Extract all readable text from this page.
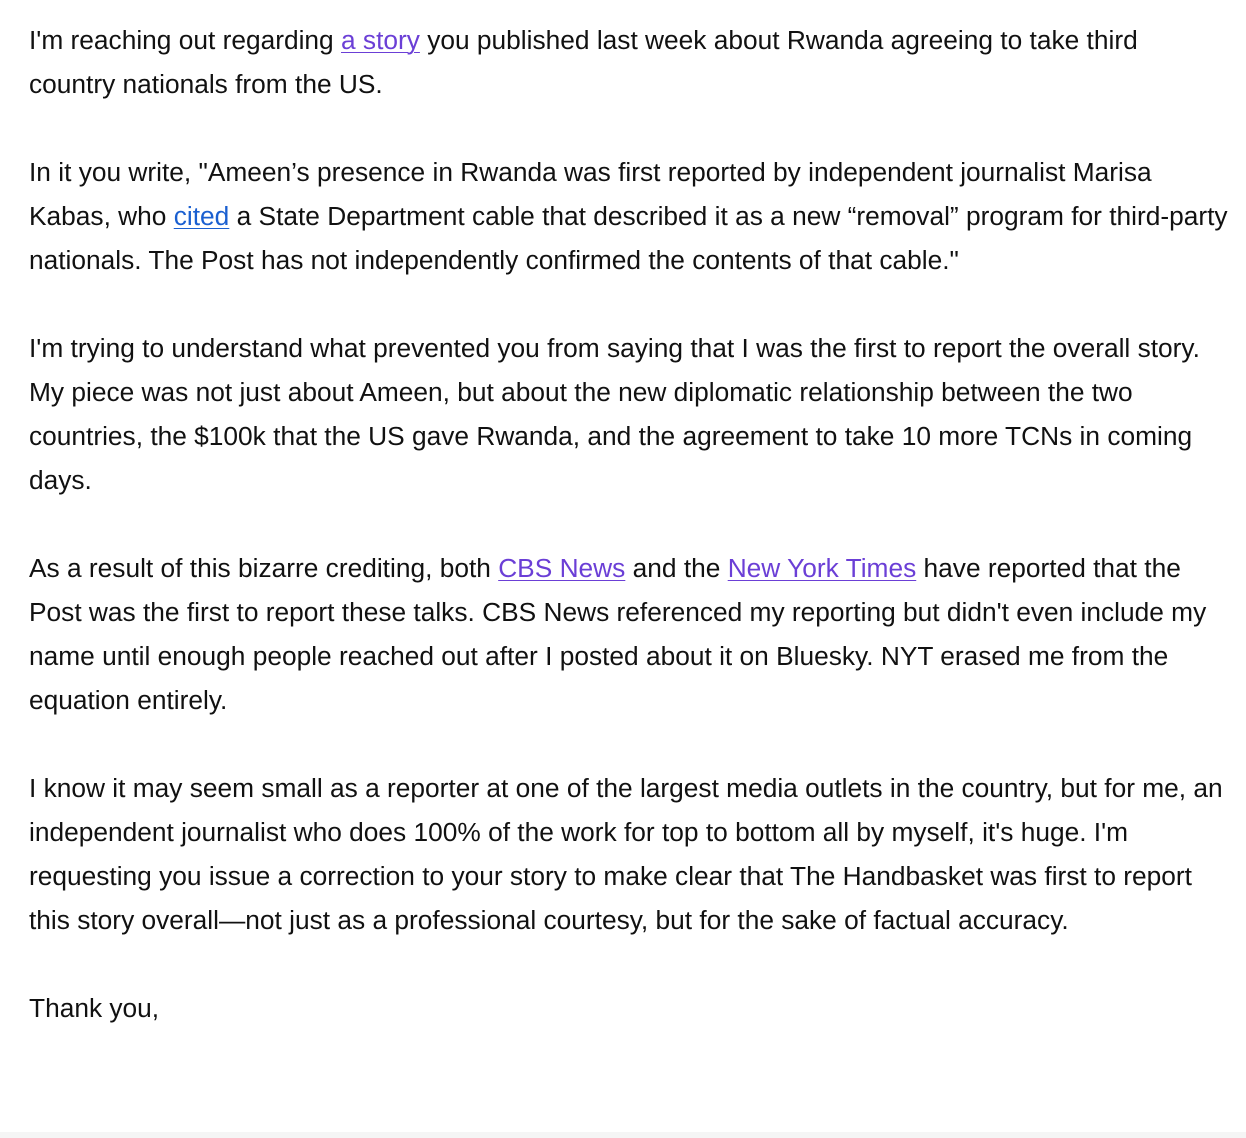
I'm reaching out regarding a story you published last week about Rwanda agreeing to take third country nationals from the US.

In it you write, "Ameen’s presence in Rwanda was first reported by independent journalist Marisa Kabas, who cited a State Department cable that described it as a new “removal” program for third-party nationals. The Post has not independently confirmed the contents of that cable."

I'm trying to understand what prevented you from saying that I was the first to report the overall story. My piece was not just about Ameen, but about the new diplomatic relationship between the two countries, the $100k that the US gave Rwanda, and the agreement to take 10 more TCNs in coming days.

As a result of this bizarre crediting, both CBS News and the New York Times have reported that the Post was the first to report these talks. CBS News referenced my reporting but didn't even include my name until enough people reached out after I posted about it on Bluesky. NYT erased me from the equation entirely.

I know it may seem small as a reporter at one of the largest media outlets in the country, but for me, an independent journalist who does 100% of the work for top to bottom all by myself, it's huge. I'm requesting you issue a correction to your story to make clear that The Handbasket was first to report this story overall—not just as a professional courtesy, but for the sake of factual accuracy.

Thank you,
